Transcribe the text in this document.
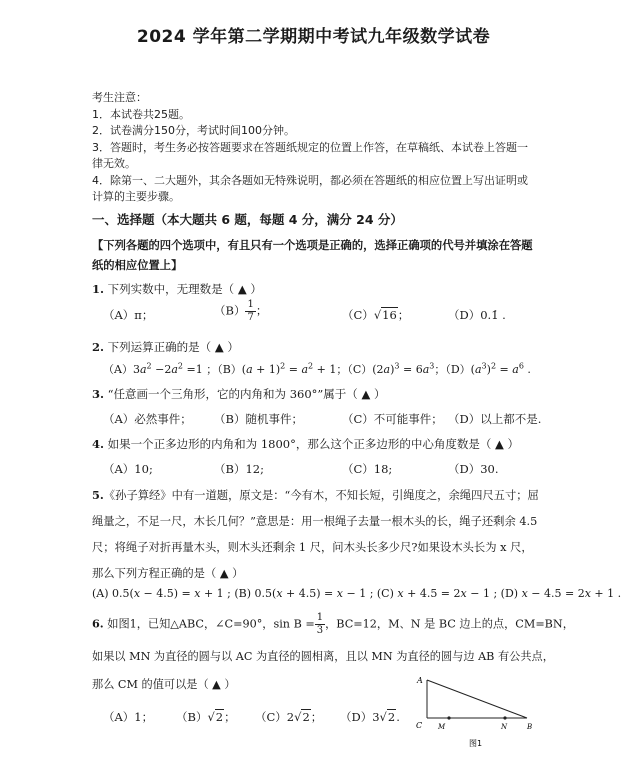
2024 学年第二学期期中考试九年级数学试卷
考生注意：
1．本试卷共25题。
2．试卷满分150分，考试时间100分钟。
3．答题时，考生务必按答题要求在答题纸规定的位置上作答，在草稿纸、本试卷上答题一
律无效。
4．除第一、二大题外，其余各题如无特殊说明，都必须在答题纸的相应位置上写出证明或
计算的主要步骤。
一、选择题（本大题共 6 题，每题 4 分，满分 24 分）
【下列各题的四个选项中，有且只有一个选项是正确的，选择正确项的代号并填涂在答题
纸的相应位置上】
1. 下列实数中，无理数是（ ▲ ）
（A）π；	$(B) \frac{1}{7}$ ；	（C）√16；	（D）0.1̇ .
2. 下列运算正确的是（ ▲ ）
$(A)3a^2 -2a^2 =1$ ；$(B)(a + 1)^2 = a^2 + 1$；$(C)(2a)^3 = 6a^3$；$(D)(a^3)^2 = a^6$ .
3. “任意画一个三角形，它的内角和为 360°”属于（ ▲ ）
（A）必然事件； （B）随机事件；	（C）不可能事件； （D）以上都不是.
4. 如果一个正多边形的内角和为 1800°，那么这个正多边形的中心角度数是（ ▲ ）
（A）10;	（B）12;	（C）18;	（D）30.
5.《孙子算经》中有一道题，原文是：“今有木，不知长短，引绳度之，余绳四尺五寸；屈
绳量之，不足一尺，木长几何？”意思是：用一根绳子去量一根木头的长，绳子还剩余 4.5
尺；将绳子对折再量木头，则木头还剩余 1 尺，问木头长多少尺?如果设木头长为 x 尺，
那么下列方程正确的是（ ▲ ）
(A) 0.5(x − 4.5) = x + 1 ; (B) 0.5(x + 4.5) = x − 1 ; (C) x + 4.5 = 2x − 1 ; (D) x − 4.5 = 2x + 1 .
6. 如图1，已知△ABC，∠C=90°，$\sin B = \frac{1}{3}$ ，BC=12，M、N 是 BC 边上的点，CM=BN，
如果以 MN 为直径的圆与以 AC 为直径的圆相离，且以 MN 为直径的圆与边 AB 有公共点，
那么 CM 的值可以是（ ▲ ）
（A）1； （B）√2； （C）2√2； （D）3√2.
A
C M	N	B
图1
